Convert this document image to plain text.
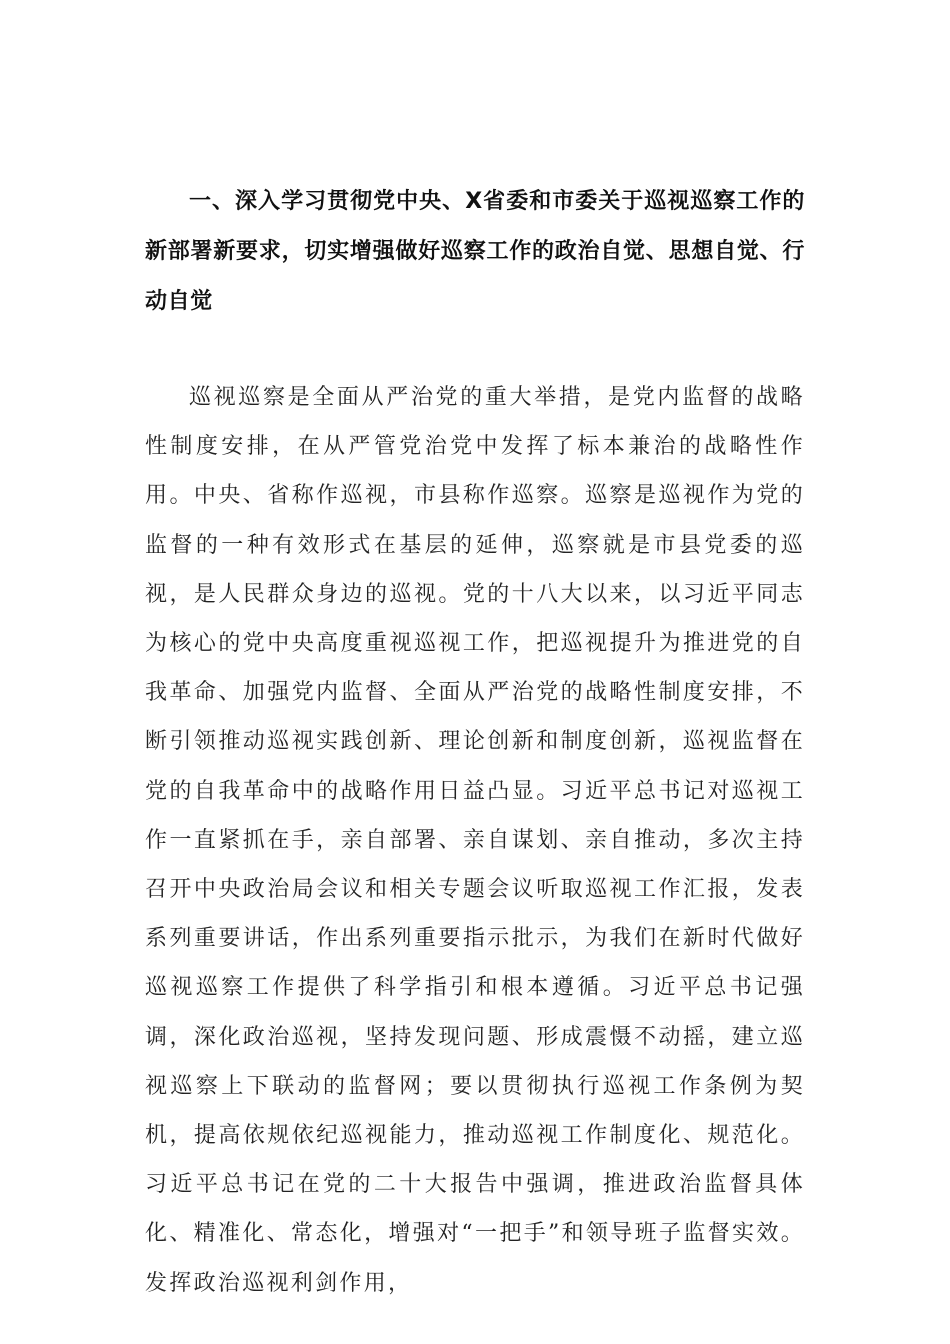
一、深入学习贯彻党中央、X省委和市委关于巡视巡察工作的新部署新要求，切实增强做好巡察工作的政治自觉、思想自觉、行动自觉

巡视巡察是全面从严治党的重大举措，是党内监督的战略性制度安排，在从严管党治党中发挥了标本兼治的战略性作用。中央、省称作巡视，市县称作巡察。巡察是巡视作为党的监督的一种有效形式在基层的延伸，巡察就是市县党委的巡视，是人民群众身边的巡视。党的十八大以来，以习近平同志为核心的党中央高度重视巡视工作，把巡视提升为推进党的自我革命、加强党内监督、全面从严治党的战略性制度安排，不断引领推动巡视实践创新、理论创新和制度创新，巡视监督在党的自我革命中的战略作用日益凸显。习近平总书记对巡视工作一直紧抓在手，亲自部署、亲自谋划、亲自推动，多次主持召开中央政治局会议和相关专题会议听取巡视工作汇报，发表系列重要讲话，作出系列重要指示批示，为我们在新时代做好巡视巡察工作提供了科学指引和根本遵循。习近平总书记强调，深化政治巡视，坚持发现问题、形成震慑不动摇，建立巡视巡察上下联动的监督网；要以贯彻执行巡视工作条例为契机，提高依规依纪巡视能力，推动巡视工作制度化、规范化。习近平总书记在党的二十大报告中强调，推进政治监督具体化、精准化、常态化，增强对“一把手”和领导班子监督实效。发挥政治巡视利剑作用，
